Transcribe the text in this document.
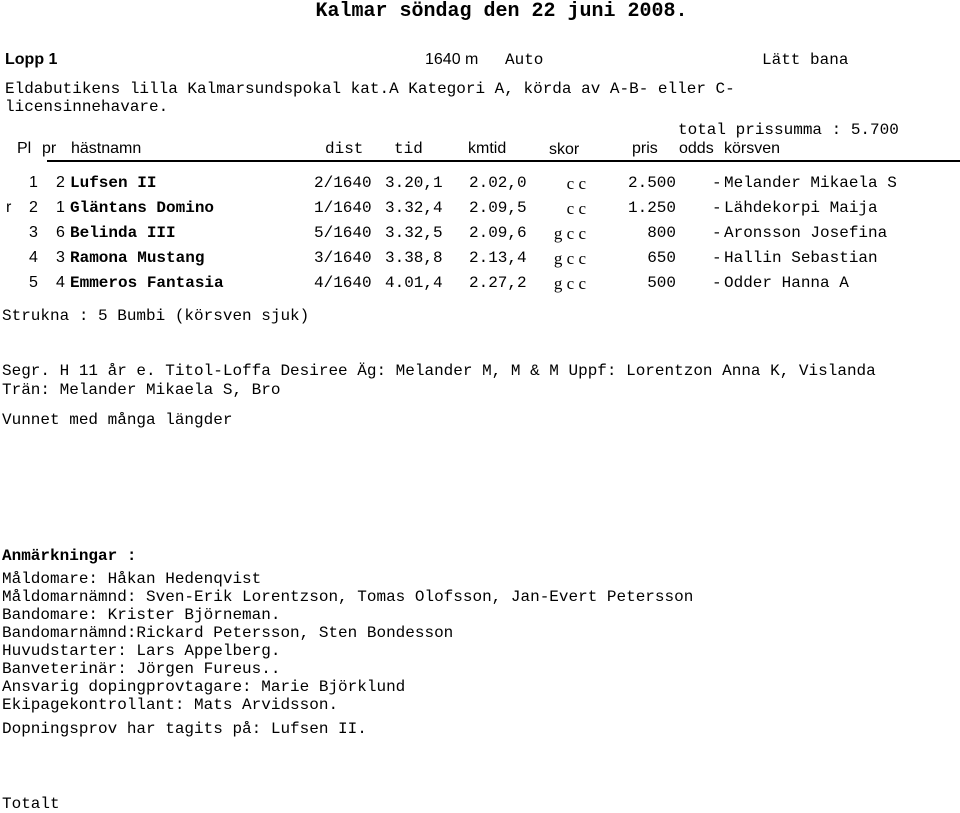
Kalmar söndag den 22 juni 2008.
Lopp 1	1640 m Auto	Lätt bana
Eldabutikens lilla Kalmarsundspokal kat.A Kategori A, körda av A-B- eller C-
licensinnehavare.
total prissumma : 5.700
Pl pr hästnamn	dist tid	kmtid	skor	pris odds körsven
1 2 Lufsen II	2/1640 3.20,1 2.02,0	c c	2.500 - Melander Mikaela S
r 2 1 Gläntans Domino	1/1640 3.32,4 2.09,5	c c	1.250 - Lähdekorpi Maija
3 6 Belinda III	5/1640 3.32,5 2.09,6	g c c	800 - Aronsson Josefina
4 3 Ramona Mustang	3/1640 3.38,8 2.13,4	g c c	650 - Hallin Sebastian
5 4 Emmeros Fantasia	4/1640 4.01,4 2.27,2	g c c	500 - Odder Hanna A
Strukna : 5 Bumbi (körsven sjuk)
Segr. H 11 år e. Titol-Loffa Desiree Äg: Melander M, M & M Uppf: Lorentzon Anna K, Vislanda
Trän: Melander Mikaela S, Bro
Vunnet med många längder
Anmärkningar :
Måldomare: Håkan Hedenqvist
Måldomarnämnd: Sven-Erik Lorentzson, Tomas Olofsson, Jan-Evert Petersson
Bandomare: Krister Björneman.
Bandomarnämnd:Rickard Petersson, Sten Bondesson
Huvudstarter: Lars Appelberg.
Banveterinär: Jörgen Fureus..
Ansvarig dopingprovtagare: Marie Björklund
Ekipagekontrollant: Mats Arvidsson.
Dopningsprov har tagits på: Lufsen II.
Totalt
